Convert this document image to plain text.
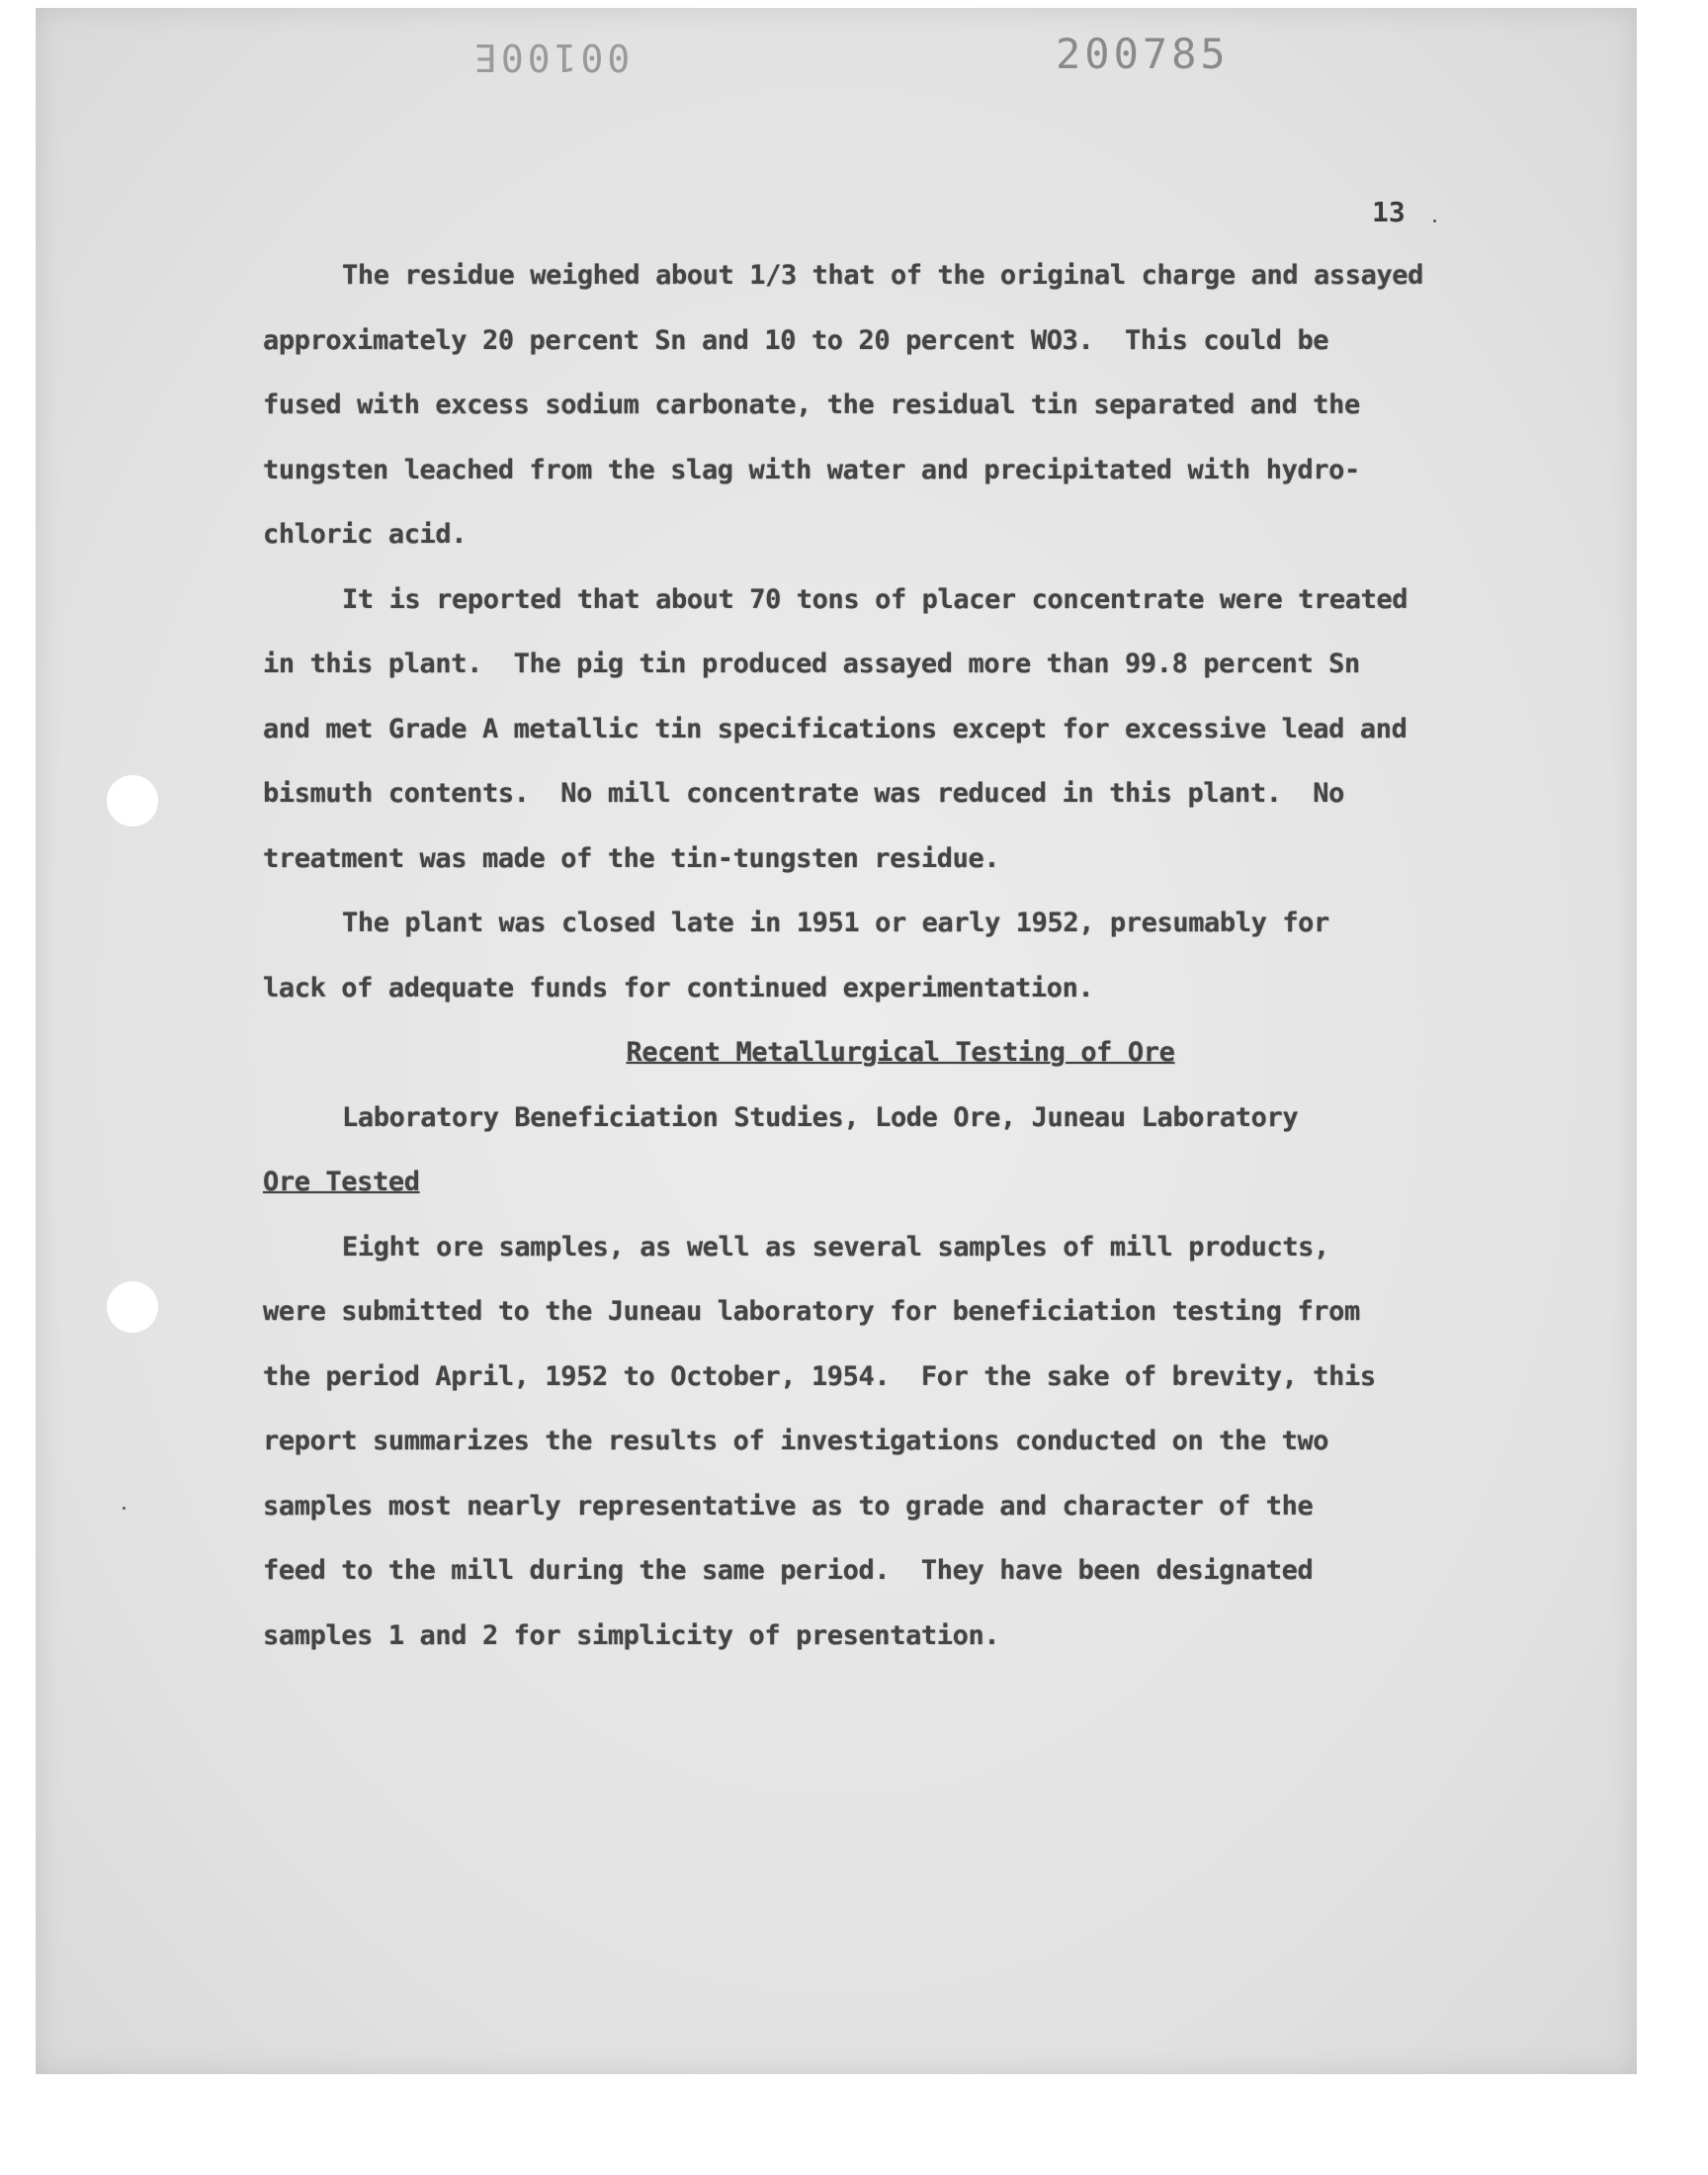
00100E	200785
13
The residue weighed about 1/3 that of the original charge and assayed
approximately 20 percent Sn and 10 to 20 percent WO3.  This could be
fused with excess sodium carbonate, the residual tin separated and the
tungsten leached from the slag with water and precipitated with hydro-
chloric acid.
It is reported that about 70 tons of placer concentrate were treated
in this plant.  The pig tin produced assayed more than 99.8 percent Sn
and met Grade A metallic tin specifications except for excessive lead and
bismuth contents.  No mill concentrate was reduced in this plant.  No
treatment was made of the tin-tungsten residue.
The plant was closed late in 1951 or early 1952, presumably for
lack of adequate funds for continued experimentation.
Recent Metallurgical Testing of Ore
Laboratory Beneficiation Studies, Lode Ore, Juneau Laboratory
Ore Tested
Eight ore samples, as well as several samples of mill products,
were submitted to the Juneau laboratory for beneficiation testing from
the period April, 1952 to October, 1954.  For the sake of brevity, this
report summarizes the results of investigations conducted on the two
samples most nearly representative as to grade and character of the
feed to the mill during the same period.  They have been designated
samples 1 and 2 for simplicity of presentation.
